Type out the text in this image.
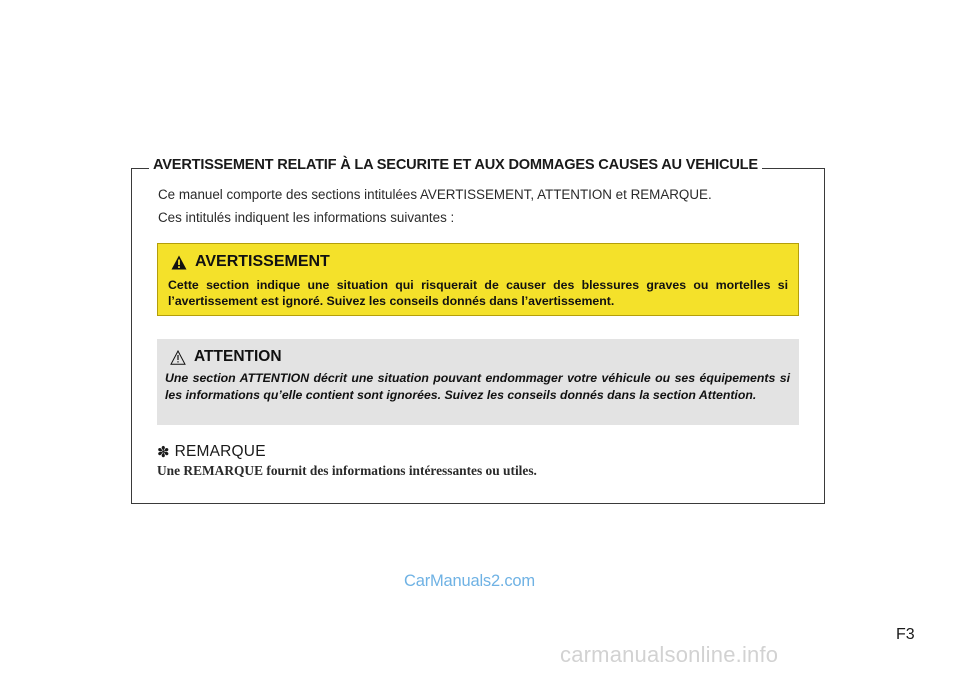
AVERTISSEMENT RELATIF À LA SECURITE ET AUX DOMMAGES CAUSES AU VEHICULE
Ce manuel comporte des sections intitulées AVERTISSEMENT, ATTENTION et REMARQUE.
Ces intitulés indiquent les informations suivantes :
AVERTISSEMENT
Cette section indique une situation qui risquerait de causer des blessures graves ou mortelles si l’avertissement est ignoré. Suivez les conseils donnés dans l’avertissement.
ATTENTION
Une section ATTENTION décrit une situation pouvant endommager votre véhicule ou ses équipements si les informations qu’elle contient sont ignorées. Suivez les conseils donnés dans la section Attention.
✽ REMARQUE
Une REMARQUE fournit des informations intéressantes ou utiles.
CarManuals2.com
F3
carmanualsonline.info
